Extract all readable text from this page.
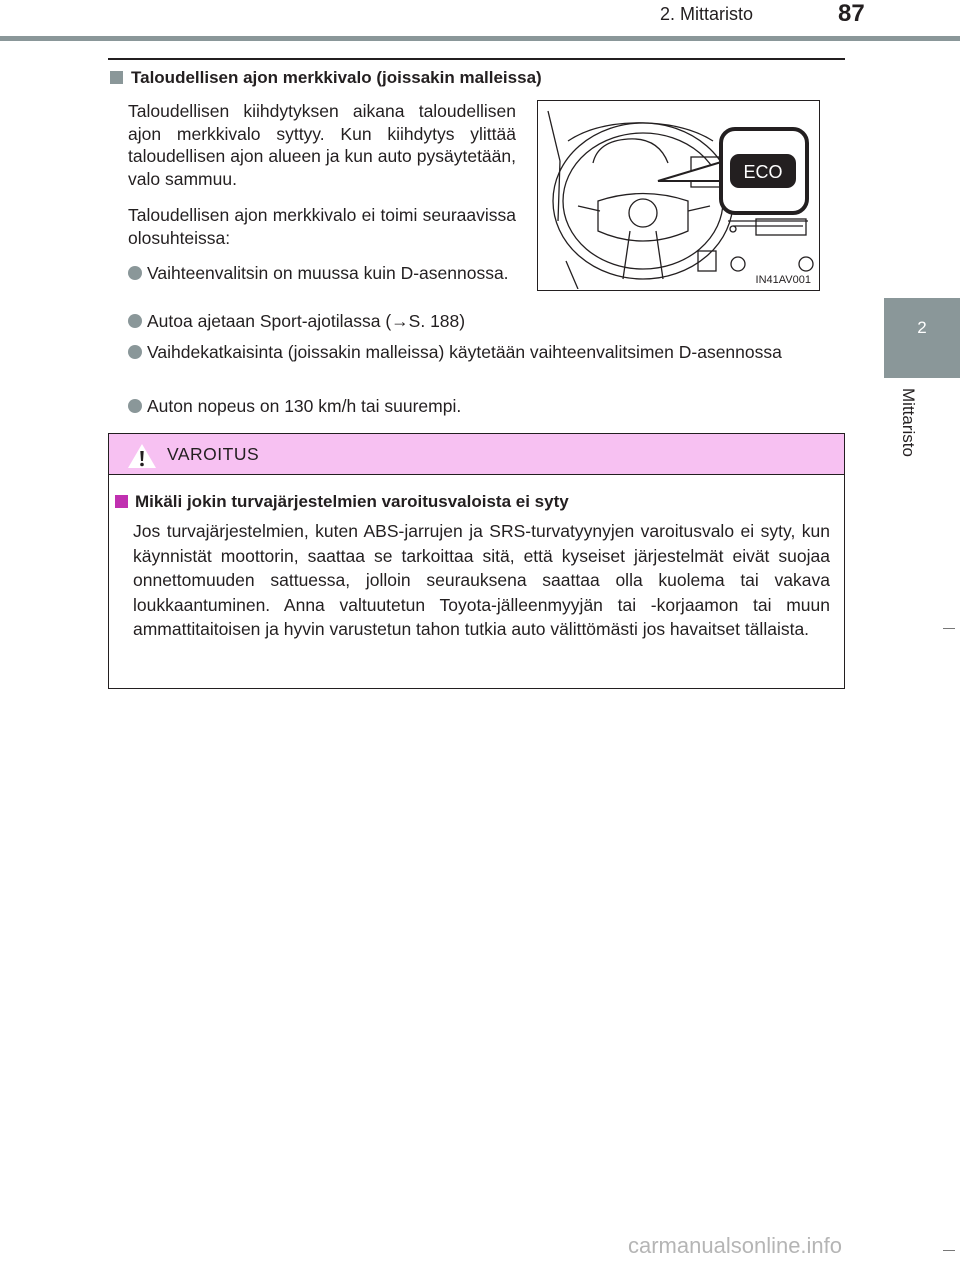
2. Mittaristo	87
2
Mittaristo
Taloudellisen ajon merkkivalo (joissakin malleissa)
Taloudellisen kiihdytyksen aikana taloudellisen ajon merkkivalo syttyy. Kun kiihdytys ylittää taloudellisen ajon alueen ja kun auto pysäytetään, valo sammuu.
Taloudellisen ajon merkkivalo ei toimi seuraavissa olosuhteissa:
Vaihteenvalitsin on muussa kuin D-asennossa.
Autoa ajetaan Sport-ajotilassa (→S. 188)
Vaihdekatkaisinta (joissakin malleissa) käytetään vaihteenvalitsimen D-asennossa
Auton nopeus on 130 km/h tai suurempi.
ECO
IN41AV001
VAROITUS
Mikäli jokin turvajärjestelmien varoitusvaloista ei syty
Jos turvajärjestelmien, kuten ABS-jarrujen ja SRS-turvatyynyjen varoitusvalo ei syty, kun käynnistät moottorin, saattaa se tarkoittaa sitä, että kyseiset järjestelmät eivät suojaa onnettomuuden sattuessa, jolloin seurauksena saattaa olla kuolema tai vakava loukkaantuminen. Anna valtuutetun Toyota-jälleenmyyjän tai -korjaamon tai muun ammattitaitoisen ja hyvin varustetun tahon tutkia auto välittömästi jos havaitset tällaista.
carmanualsonline.info
